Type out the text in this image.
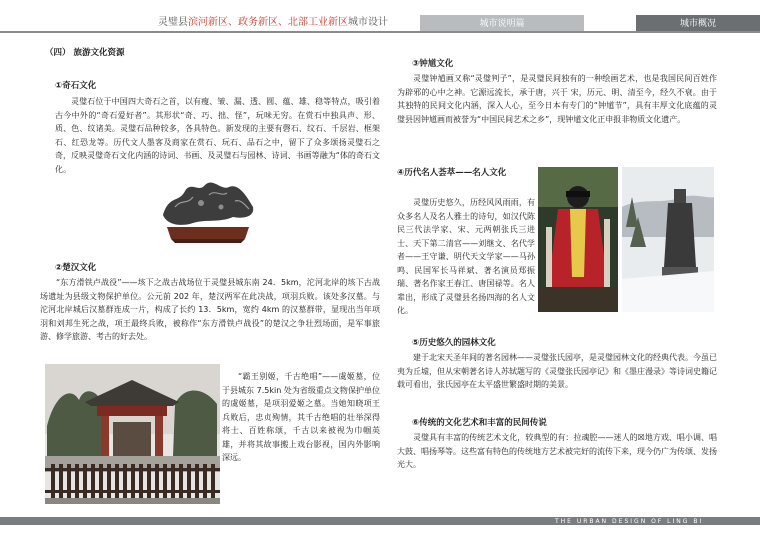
灵璧县滨河新区、政务新区、北部工业新区城市设计	城市说明篇	城市概况
（四） 旅游文化资源
①奇石文化
灵璧石位于中国四大奇石之首，以有瘦、皱、漏、透、圆、蕴、雄、稳等特点，吸引着古今中外的“奇石爱好者”。其形状“奇、巧、拙、怪”，玩味无穷。在赏石中独具声、形、质、色、纹诸美。灵璧石品种较多，各具特色。新发现的主要有磬石、纹石、千层岩、框架石、红恐龙等。历代文人墨客及商家在赏石、玩石、品石之中，留下了众多颂扬灵璧石之奇，反映灵璧奇石文化内涵的诗词、书画、及灵璧石与园林、诗词、书画等融为“体的奇石文化。
②楚汉文化
“东方滑铁卢战役”——垓下之战古战场位于灵璧县城东南 24．5km，沱河北岸的垓下古战场遗址为县级文物保护单位。公元前 202 年，楚汉两军在此决战，项羽兵败。该处多汉墓。与沱河北岸城后汉墓群连成一片，构成了长约 13．5km，宽约 4km 的汉墓群带，显现出当年项羽和刘邦生死之战，项王最终兵败，被称作“东方滑铁卢战役”的楚汉之争壮烈场面，是军事旅游、修学旅游、考古的好去处。
“霸王别姬，千古绝唱”——虞姬墓，位于县城东 7.5kin 处为省级重点文物保护单位的虞姬墓，是项羽爱姬之墓。当她知晓项王兵败后，忠贞殉情，其千古绝唱的壮举深得将士、百姓称颂，千古以来被视为巾帼英雄，并将其故事搬上戏台影视，国内外影响深远。
③钟馗文化
灵璧钟馗画又称“灵璧判子”，是灵璧民间独有的一种绘画艺术，也是我国民间百姓作为辟邪的心中之神。它源远流长，承于唐，兴于 宋，历元、明、清至今，经久不衰。由于其独特的民间文化内涵，深入人心，至今日本有专门的“钟馗节”，具有丰厚文化底蕴的灵璧县因钟馗画而被誉为“中国民间艺术之乡”，现钟馗文化正申报非物质文化遗产。
④历代名人荟萃——名人文化
灵璧历史悠久，历经风风雨雨，有众多名人及名人雅士的诗句，如汉代陈民三代法学家、宋、元两朝张氏三进士、天下第二清官——刘继文、名代学者——王守谦、明代天文学家——马孙鸣、民国军长马祥斌、著名演员郑振瑞、著名作家王春江、唐国禄等。名人辈出，形成了灵璧县名扬四海的名人文化。
⑤历史悠久的园林文化
建于北宋天圣年间的著名园林——灵璧张氏园亭，是灵璧园林文化的经典代表。今虽已夷为丘墟，但从宋朝著名诗人苏轼题写的《灵璧张氏园亭记》和《墨庄漫录》等诗词史籍记载可看出，张氏园亭在太平盛世繁盛时期的美景。
⑥传统的文化艺术和丰富的民间传说
灵璧具有丰富的传统艺术文化，较典型的有：拉魂腔——迷人的☒地方戏、唱小调、唱大鼓、唱扬琴等。这些富有特色的传统地方艺术被完好的流传下来，现今仍广为传颂、发扬光大。
THE URBAN DESIGN OF LING BI
